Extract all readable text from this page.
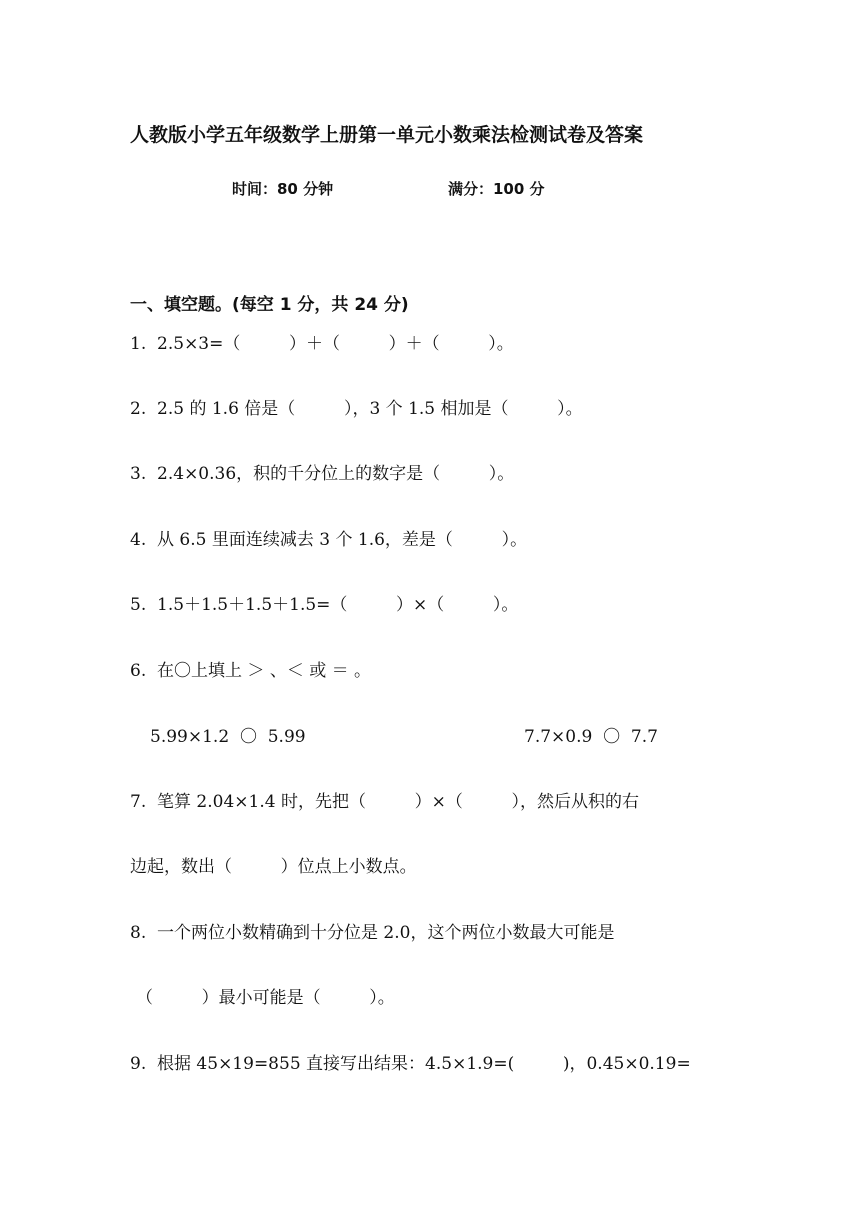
人教版小学五年级数学上册第一单元小数乘法检测试卷及答案
时间：80 分钟	满分：100 分
一、填空题。(每空 1 分，共 24 分)
1.  2.5×3=（         ）＋（         ）＋（         ）。
2.  2.5 的 1.6 倍是（         ），3 个 1.5 相加是（         ）。
3.  2.4×0.36，积的千分位上的数字是（         ）。
4.  从 6.5 里面连续减去 3 个 1.6，差是（         ）。
5.  1.5＋1.5＋1.5＋1.5=（         ）×（         ）。
6.  在〇上填上 ＞ 、＜ 或 ＝ 。
5.99×1.2  〇  5.99	7.7×0.9  〇  7.7
7.  笔算 2.04×1.4 时，先把（         ）×（         ），然后从积的右
边起，数出（         ）位点上小数点。
8.  一个两位小数精确到十分位是 2.0，这个两位小数最大可能是
（         ）最小可能是（         ）。
9.  根据 45×19=855 直接写出结果：4.5×1.9=(         )，0.45×0.19=
